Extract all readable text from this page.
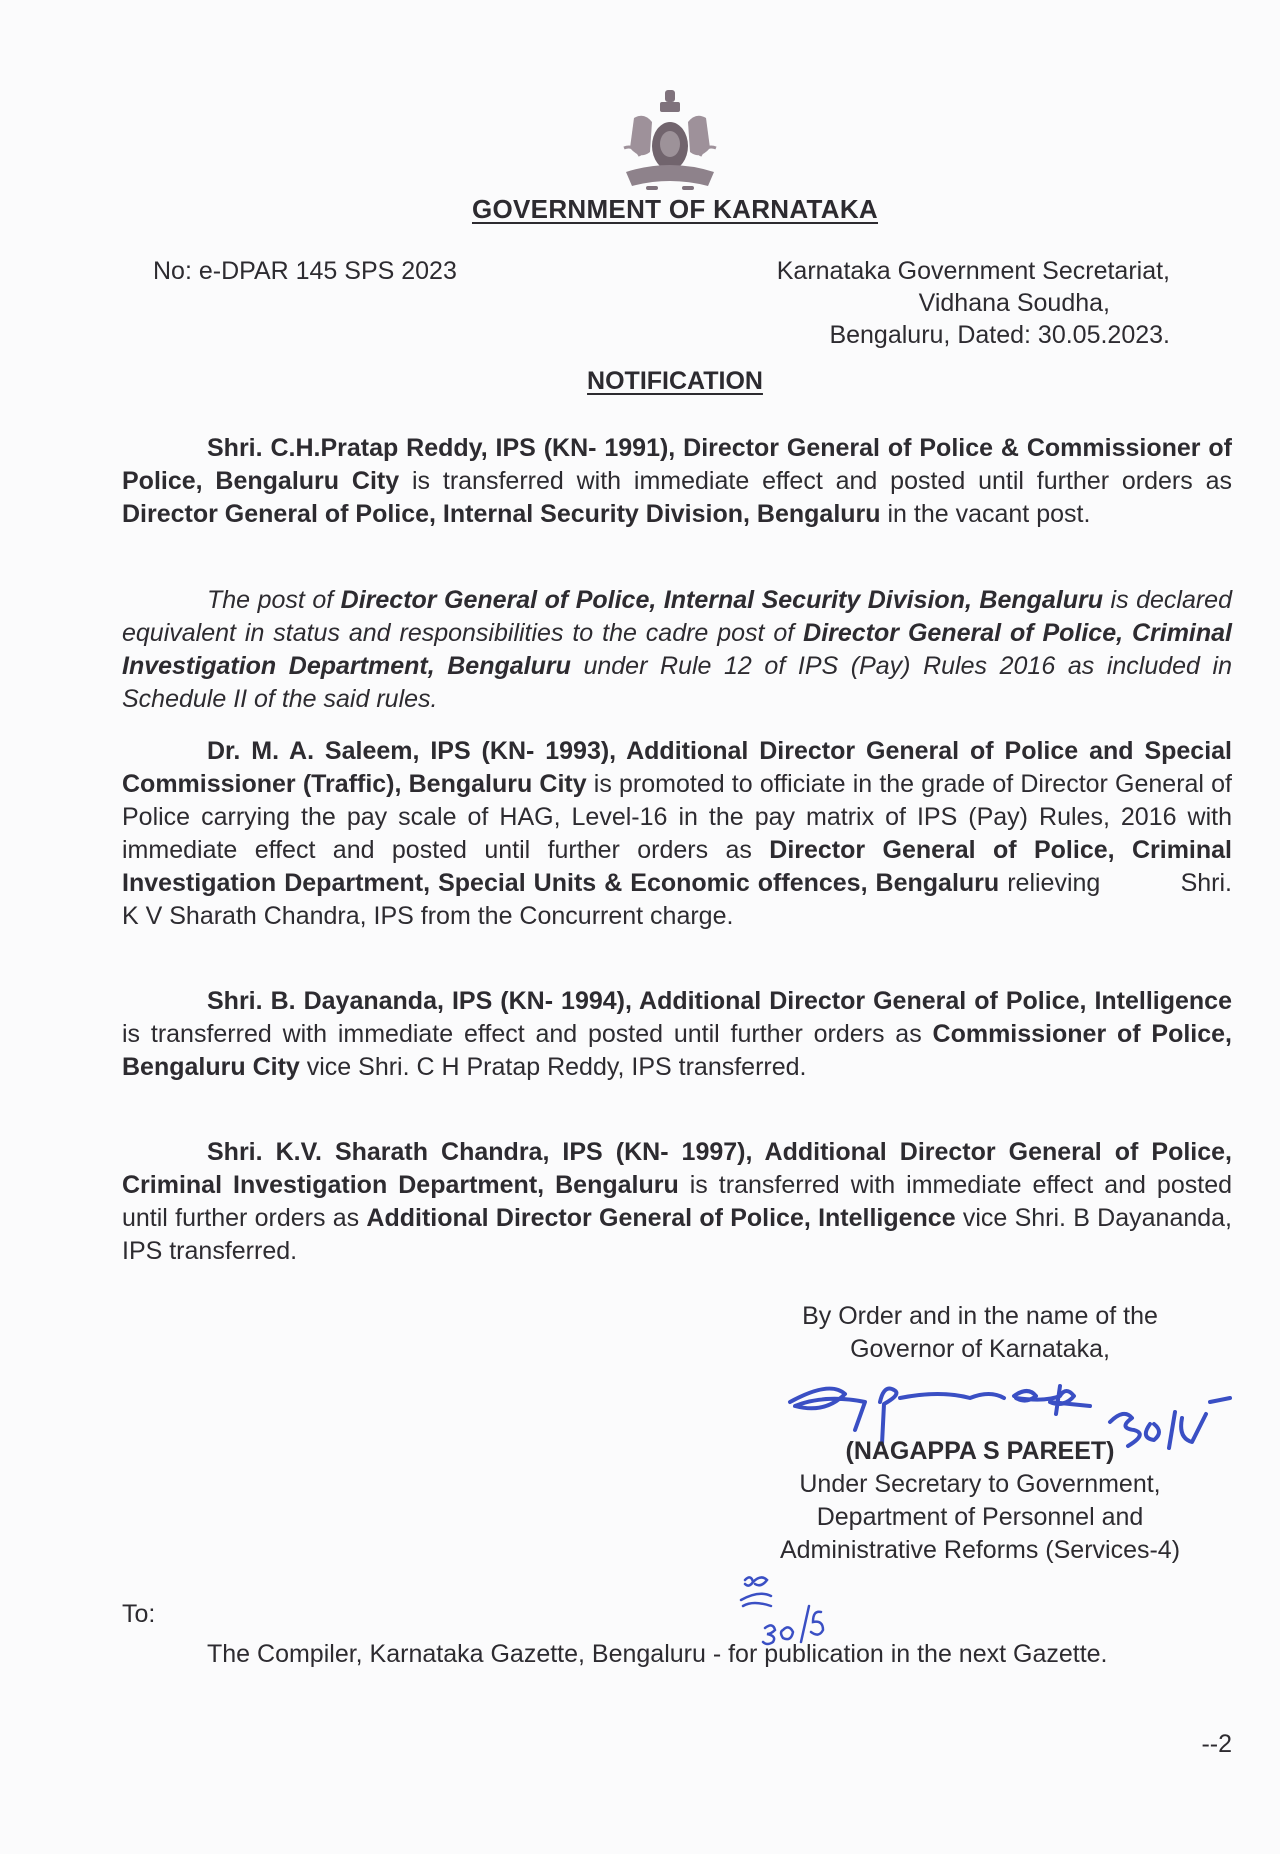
GOVERNMENT OF KARNATAKA
No: e-DPAR 145 SPS 2023	Karnataka Government Secretariat,
Vidhana Soudha,
Bengaluru, Dated: 30.05.2023.
NOTIFICATION
Shri. C.H.Pratap Reddy, IPS (KN- 1991), Director General of Police & Commissioner of Police, Bengaluru City is transferred with immediate effect and posted until further orders as Director General of Police, Internal Security Division, Bengaluru in the vacant post.
The post of Director General of Police, Internal Security Division, Bengaluru is declared equivalent in status and responsibilities to the cadre post of Director General of Police, Criminal Investigation Department, Bengaluru under Rule 12 of IPS (Pay) Rules 2016 as included in Schedule II of the said rules.
Dr. M. A. Saleem, IPS (KN- 1993), Additional Director General of Police and Special Commissioner (Traffic), Bengaluru City is promoted to officiate in the grade of Director General of Police carrying the pay scale of HAG, Level-16 in the pay matrix of IPS (Pay) Rules, 2016 with immediate effect and posted until further orders as Director General of Police, Criminal Investigation Department, Special Units & Economic offences, Bengaluru relieving          Shri. K V Sharath Chandra, IPS from the Concurrent charge.
Shri. B. Dayananda, IPS (KN- 1994), Additional Director General of Police, Intelligence is transferred with immediate effect and posted until further orders as Commissioner of Police, Bengaluru City vice Shri. C H Pratap Reddy, IPS transferred.
Shri. K.V. Sharath Chandra, IPS (KN- 1997), Additional Director General of Police, Criminal Investigation Department, Bengaluru is transferred with immediate effect and posted until further orders as Additional Director General of Police, Intelligence vice Shri. B Dayananda, IPS transferred.
By Order and in the name of the
Governor of Karnataka,
(NAGAPPA S PAREET)
Under Secretary to Government,
Department of Personnel and
Administrative Reforms (Services-4)
To:
The Compiler, Karnataka Gazette, Bengaluru - for publication in the next Gazette.
--2
